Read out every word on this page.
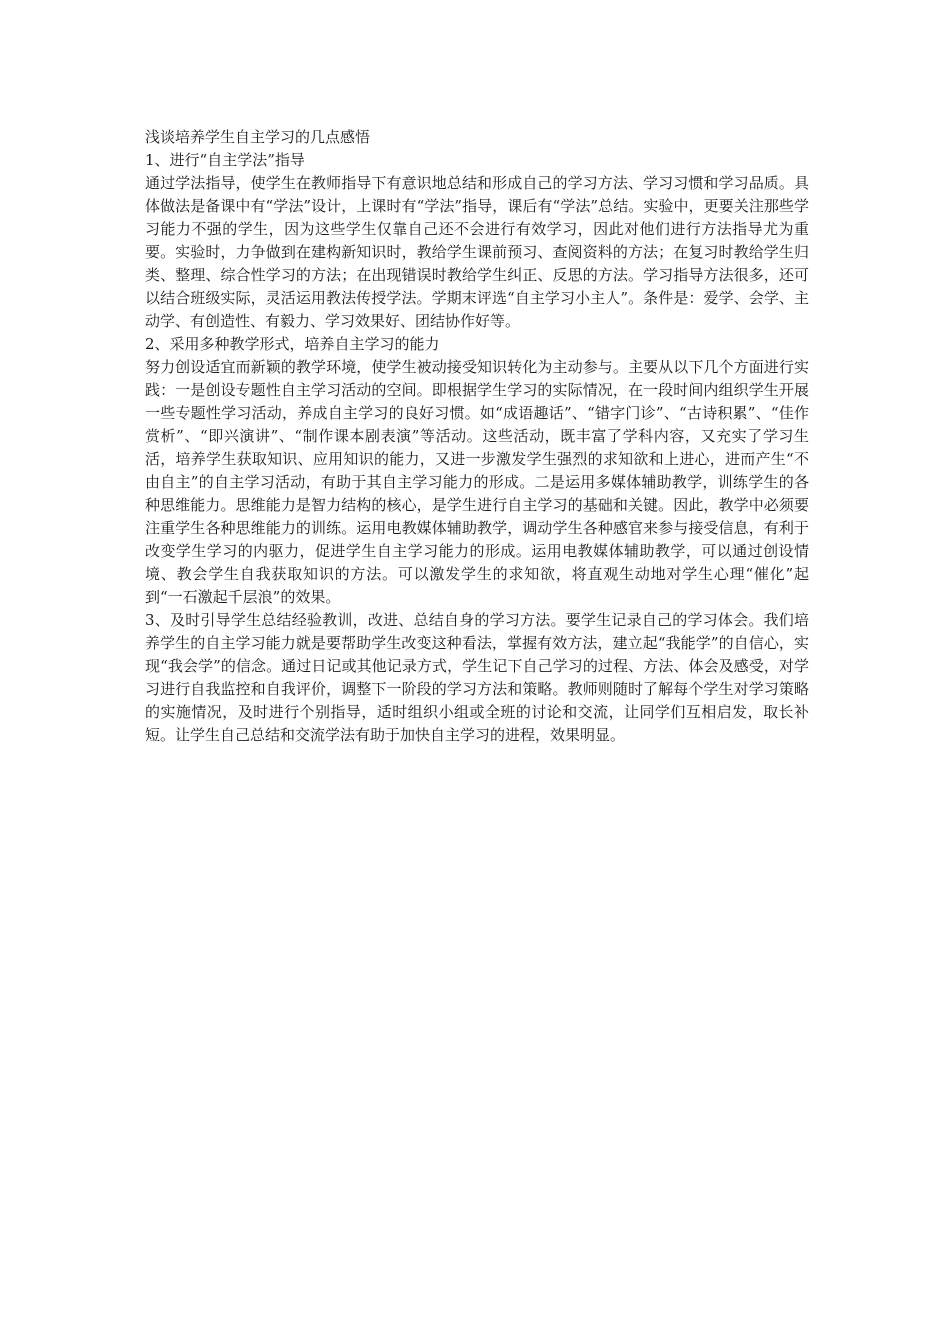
浅谈培养学生自主学习的几点感悟

1、进行“自主学法”指导

通过学法指导，使学生在教师指导下有意识地总结和形成自己的学习方法、学习习惯和学习品质。具体做法是备课中有“学法”设计，上课时有“学法”指导，课后有“学法”总结。实验中，更要关注那些学习能力不强的学生，因为这些学生仅靠自己还不会进行有效学习，因此对他们进行方法指导尤为重要。实验时，力争做到在建构新知识时，教给学生课前预习、查阅资料的方法；在复习时教给学生归类、整理、综合性学习的方法；在出现错误时教给学生纠正、反思的方法。学习指导方法很多，还可以结合班级实际，灵活运用教法传授学法。学期末评选“自主学习小主人”。条件是：爱学、会学、主动学、有创造性、有毅力、学习效果好、团结协作好等。

2、采用多种教学形式，培养自主学习的能力

努力创设适宜而新颖的教学环境，使学生被动接受知识转化为主动参与。主要从以下几个方面进行实践：一是创设专题性自主学习活动的空间。即根据学生学习的实际情况，在一段时间内组织学生开展一些专题性学习活动，养成自主学习的良好习惯。如“成语趣话”、“错字门诊”、“古诗积累”、“佳作赏析”、“即兴演讲”、“制作课本剧表演”等活动。这些活动，既丰富了学科内容，又充实了学习生活，培养学生获取知识、应用知识的能力，又进一步激发学生强烈的求知欲和上进心，进而产生“不由自主”的自主学习活动，有助于其自主学习能力的形成。二是运用多媒体辅助教学，训练学生的各种思维能力。思维能力是智力结构的核心，是学生进行自主学习的基础和关键。因此，教学中必须要注重学生各种思维能力的训练。运用电教媒体辅助教学，调动学生各种感官来参与接受信息，有利于改变学生学习的内驱力，促进学生自主学习能力的形成。运用电教媒体辅助教学，可以通过创设情境、教会学生自我获取知识的方法。可以激发学生的求知欲，将直观生动地对学生心理“催化”起到“一石激起千层浪”的效果。

3、及时引导学生总结经验教训，改进、总结自身的学习方法。要学生记录自己的学习体会。我们培养学生的自主学习能力就是要帮助学生改变这种看法，掌握有效方法，建立起“我能学”的自信心，实现“我会学”的信念。通过日记或其他记录方式，学生记下自己学习的过程、方法、体会及感受，对学习进行自我监控和自我评价，调整下一阶段的学习方法和策略。教师则随时了解每个学生对学习策略的实施情况，及时进行个别指导，适时组织小组或全班的讨论和交流，让同学们互相启发，取长补短。让学生自己总结和交流学法有助于加快自主学习的进程，效果明显。
